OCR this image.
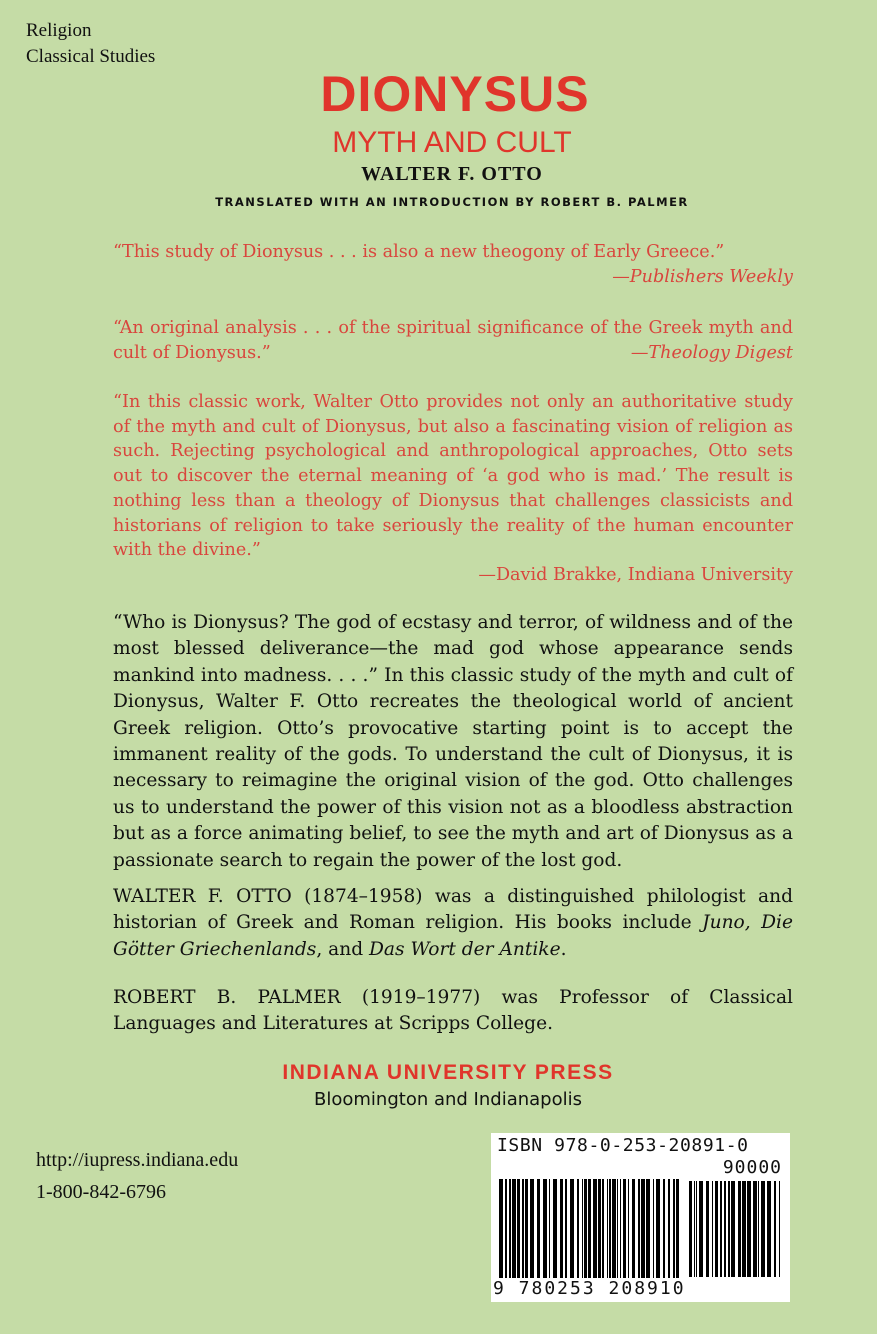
Religion
Classical Studies
DIONYSUS
MYTH AND CULT
WALTER F. OTTO
TRANSLATED WITH AN INTRODUCTION BY ROBERT B. PALMER
“This study of Dionysus . . . is also a new theogony of Early Greece.”
—Publishers Weekly
“An original analysis . . . of the spiritual significance of the Greek myth and cult of Dionysus.”	—Theology Digest
“In this classic work, Walter Otto provides not only an authoritative study of the myth and cult of Dionysus, but also a fascinating vision of religion as such. Rejecting psychological and anthropological approaches, Otto sets out to discover the eternal meaning of ‘a god who is mad.’ The result is nothing less than a theology of Dionysus that challenges classicists and historians of religion to take seriously the reality of the human encounter with the divine.”
—David Brakke, Indiana University
“Who is Dionysus? The god of ecstasy and terror, of wildness and of the most blessed deliverance—the mad god whose appearance sends mankind into madness. . . .” In this classic study of the myth and cult of Dionysus, Walter F. Otto recreates the theological world of ancient Greek religion. Otto’s provocative starting point is to accept the immanent reality of the gods. To understand the cult of Dionysus, it is necessary to reimagine the original vision of the god. Otto challenges us to understand the power of this vision not as a bloodless abstraction but as a force animating belief, to see the myth and art of Dionysus as a passionate search to regain the power of the lost god.
WALTER F. OTTO (1874–1958) was a distinguished philologist and historian of Greek and Roman religion. His books include Juno, Die Götter Griechenlands, and Das Wort der Antike.
ROBERT B. PALMER (1919–1977) was Professor of Classical Languages and Literatures at Scripps College.
INDIANA UNIVERSITY PRESS
Bloomington and Indianapolis
http://iupress.indiana.edu
1-800-842-6796
ISBN 978-0-253-20891-0
90000
9 780253 208910
